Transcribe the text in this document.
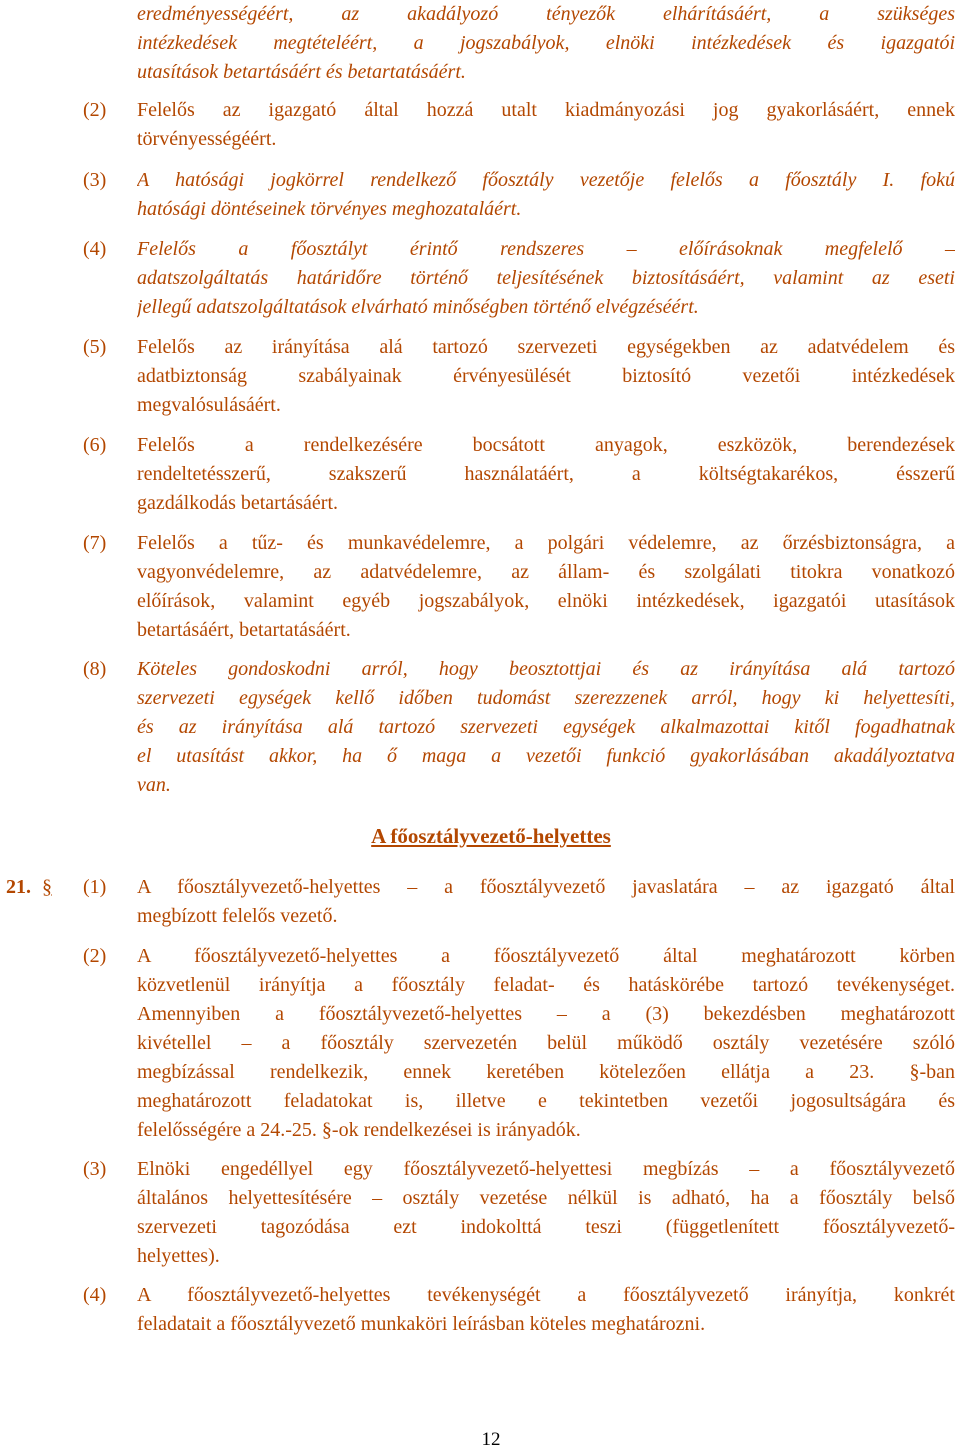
eredményességéért, az akadályozó tényezők elhárításáért, a szükséges
intézkedések megtételéért, a jogszabályok, elnöki intézkedések és igazgatói
utasítások betartásáért és betartatásáért.
(2) Felelős az igazgató által hozzá utalt kiadmányozási jog gyakorlásáért, ennek
törvényességéért.
(3) A hatósági jogkörrel rendelkező főosztály vezetője felelős a főosztály I. fokú
hatósági döntéseinek törvényes meghozataláért.
(4) Felelős a főosztályt érintő rendszeres – előírásoknak megfelelő –
adatszolgáltatás határidőre történő teljesítésének biztosításáért, valamint az eseti
jellegű adatszolgáltatások elvárható minőségben történő elvégzéséért.
(5) Felelős az irányítása alá tartozó szervezeti egységekben az adatvédelem és
adatbiztonság szabályainak érvényesülését biztosító vezetői intézkedések
megvalósulásáért.
(6) Felelős a rendelkezésére bocsátott anyagok, eszközök, berendezések
rendeltetésszerű, szakszerű használatáért, a költségtakarékos, ésszerű
gazdálkodás betartásáért.
(7) Felelős a tűz- és munkavédelemre, a polgári védelemre, az őrzésbiztonságra, a
vagyonvédelemre, az adatvédelemre, az állam- és szolgálati titokra vonatkozó
előírások, valamint egyéb jogszabályok, elnöki intézkedések, igazgatói utasítások
betartásáért, betartatásáért.
(8) Köteles gondoskodni arról, hogy beosztottjai és az irányítása alá tartozó
szervezeti egységek kellő időben tudomást szerezzenek arról, hogy ki helyettesíti,
és az irányítása alá tartozó szervezeti egységek alkalmazottai kitől fogadhatnak
el utasítást akkor, ha ő maga a vezetői funkció gyakorlásában akadályoztatva
van.
A főosztályvezető-helyettes
21. § (1) A főosztályvezető-helyettes – a főosztályvezető javaslatára – az igazgató által
megbízott felelős vezető.
(2) A főosztályvezető-helyettes a főosztályvezető által meghatározott körben
közvetlenül irányítja a főosztály feladat- és hatáskörébe tartozó tevékenységet.
Amennyiben a főosztályvezető-helyettes – a (3) bekezdésben meghatározott
kivétellel – a főosztály szervezetén belül működő osztály vezetésére szóló
megbízással rendelkezik, ennek keretében kötelezően ellátja a 23. §-ban
meghatározott feladatokat is, illetve e tekintetben vezetői jogosultságára és
felelősségére a 24.-25. §-ok rendelkezései is irányadók.
(3) Elnöki engedéllyel egy főosztályvezető-helyettesi megbízás – a főosztályvezető
általános helyettesítésére – osztály vezetése nélkül is adható, ha a főosztály belső
szervezeti tagozódása ezt indokolttá teszi (függetlenített főosztályvezető-
helyettes).
(4) A főosztályvezető-helyettes tevékenységét a főosztályvezető irányítja, konkrét
feladatait a főosztályvezető munkaköri leírásban köteles meghatározni.
12
